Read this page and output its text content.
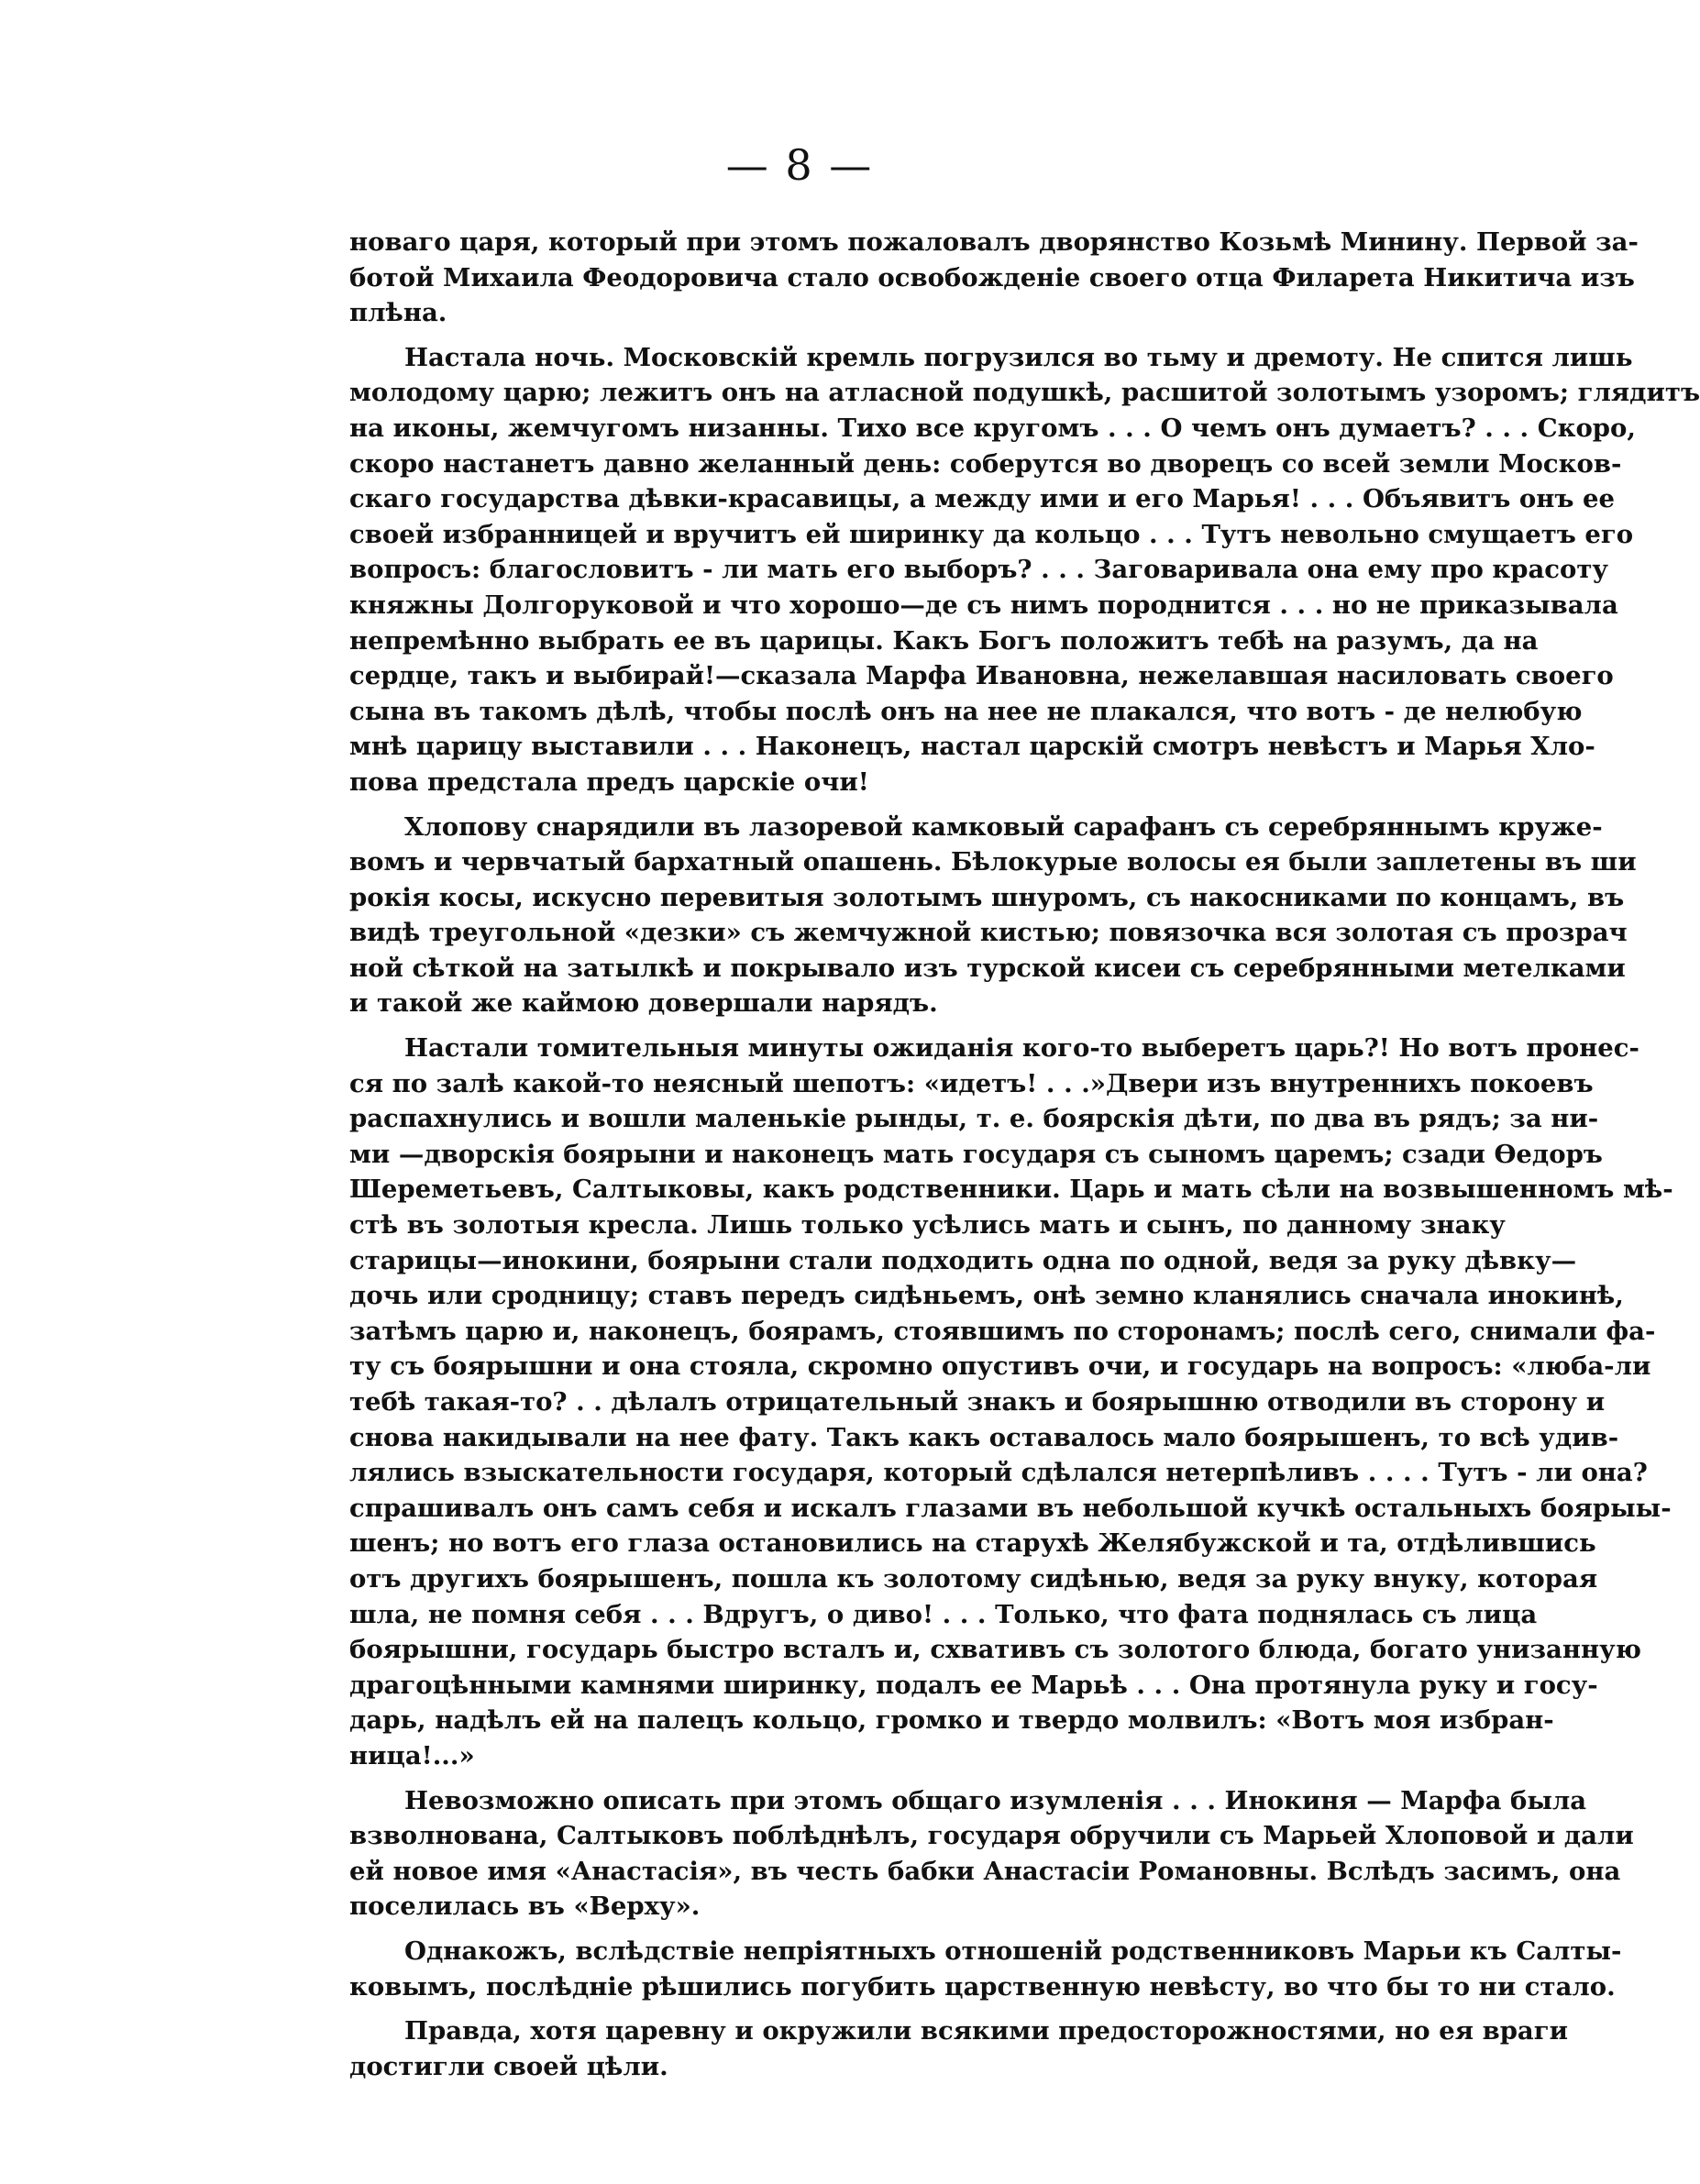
— 8 —
новаго царя, который при этомъ пожаловалъ дворянство Козьмѣ Минину. Первой за-
ботой Михаила Феодоровича стало освобожденіе своего отца Филарета Никитича изъ
плѣна.
Настала ночь. Московскій кремль погрузился во тьму и дремоту. Не спится лишь
молодому царю; лежитъ онъ на атласной подушкѣ, расшитой золотымъ узоромъ; глядитъ
на иконы, жемчугомъ низанны. Тихо все кругомъ . . . О чемъ онъ думаетъ? . . . Скоро,
скоро настанетъ давно желанный день: соберутся во дворецъ со всей земли Москов-
скаго государства дѣвки-красавицы, а между ими и его Марья! . . . Объявитъ онъ ее
своей избранницей и вручитъ ей ширинку да кольцо . . . Тутъ невольно смущаетъ его
вопросъ: благословитъ - ли мать его выборъ? . . . Заговаривала она ему про красоту
княжны Долгоруковой и что хорошо—де съ нимъ породнится . . . но не приказывала
непремѣнно выбрать ее въ царицы. Какъ Богъ положитъ тебѣ на разумъ, да на
сердце, такъ и выбирай!—сказала Марфа Ивановна, нежелавшая насиловать своего
сына въ такомъ дѣлѣ, чтобы послѣ онъ на нее не плакался, что вотъ - де нелюбую
мнѣ царицу выставили . . . Наконецъ, настал царскій смотръ невѣстъ и Марья Хло-
пова предстала предъ царскіе очи!
Хлопову снарядили въ лазоревой камковый сарафанъ съ серебряннымъ круже-
вомъ и червчатый бархатный опашень. Бѣлокурые волосы ея были заплетены въ ши
рокія косы, искусно перевитыя золотымъ шнуромъ, съ накосниками по концамъ, въ
видѣ треугольной «дезки» съ жемчужной кистью; повязочка вся золотая съ прозрач
ной сѣткой на затылкѣ и покрывало изъ турской кисеи съ серебрянными метелками
и такой же каймою довершали нарядъ.
Настали томительныя минуты ожиданія кого-то выберетъ царь?! Но вотъ пронес-
ся по залѣ какой-то неясный шепотъ: «идетъ! . . .»Двери изъ внутреннихъ покоевъ
распахнулись и вошли маленькіе рынды, т. е. боярскія дѣти, по два въ рядъ; за ни-
ми —дворскія боярыни и наконецъ мать государя съ сыномъ царемъ; сзади Ѳедоръ
Шереметьевъ, Салтыковы, какъ родственники. Царь и мать сѣли на возвышенномъ мѣ-
стѣ въ золотыя кресла. Лишь только усѣлись мать и сынъ, по данному знаку
старицы—инокини, боярыни стали подходить одна по одной, ведя за руку дѣвку—
дочь или сродницу; ставъ передъ сидѣньемъ, онѣ земно кланялись сначала инокинѣ,
затѣмъ царю и, наконецъ, боярамъ, стоявшимъ по сторонамъ; послѣ сего, снимали фа-
ту съ боярышни и она стояла, скромно опустивъ очи, и государь на вопросъ: «люба-ли
тебѣ такая-то? . . дѣлалъ отрицательный знакъ и боярышню отводили въ сторону и
снова накидывали на нее фату. Такъ какъ оставалось мало боярышенъ, то всѣ удив-
лялись взыскательности государя, который сдѣлался нетерпѣливъ . . . . Тутъ - ли она?
спрашивалъ онъ самъ себя и искалъ глазами въ небольшой кучкѣ остальныхъ боярыы-
шенъ; но вотъ его глаза остановились на старухѣ Желябужской и та, отдѣлившись
отъ другихъ боярышенъ, пошла къ золотому сидѣнью, ведя за руку внуку, которая
шла, не помня себя . . . Вдругъ, о диво! . . . Только, что фата поднялась съ лица
боярышни, государь быстро всталъ и, схвативъ съ золотого блюда, богато унизанную
драгоцѣнными камнями ширинку, подалъ ее Марьѣ . . . Она протянула руку и госу-
дарь, надѣлъ ей на палецъ кольцо, громко и твердо молвилъ: «Вотъ моя избран-
ница!...»
Невозможно описать при этомъ общаго изумленія . . . Инокиня — Марфа была
взволнована, Салтыковъ поблѣднѣлъ, государя обручили съ Марьей Хлоповой и дали
ей новое имя «Анастасія», въ честь бабки Анастасіи Романовны. Вслѣдъ засимъ, она
поселилась въ «Верху».
Однакожъ, вслѣдствіе непріятныхъ отношеній родственниковъ Марьи къ Салты-
ковымъ, послѣдніе рѣшились погубить царственную невѣсту, во что бы то ни стало.
Правда, хотя царевну и окружили всякими предосторожностями, но ея враги
достигли своей цѣли.
